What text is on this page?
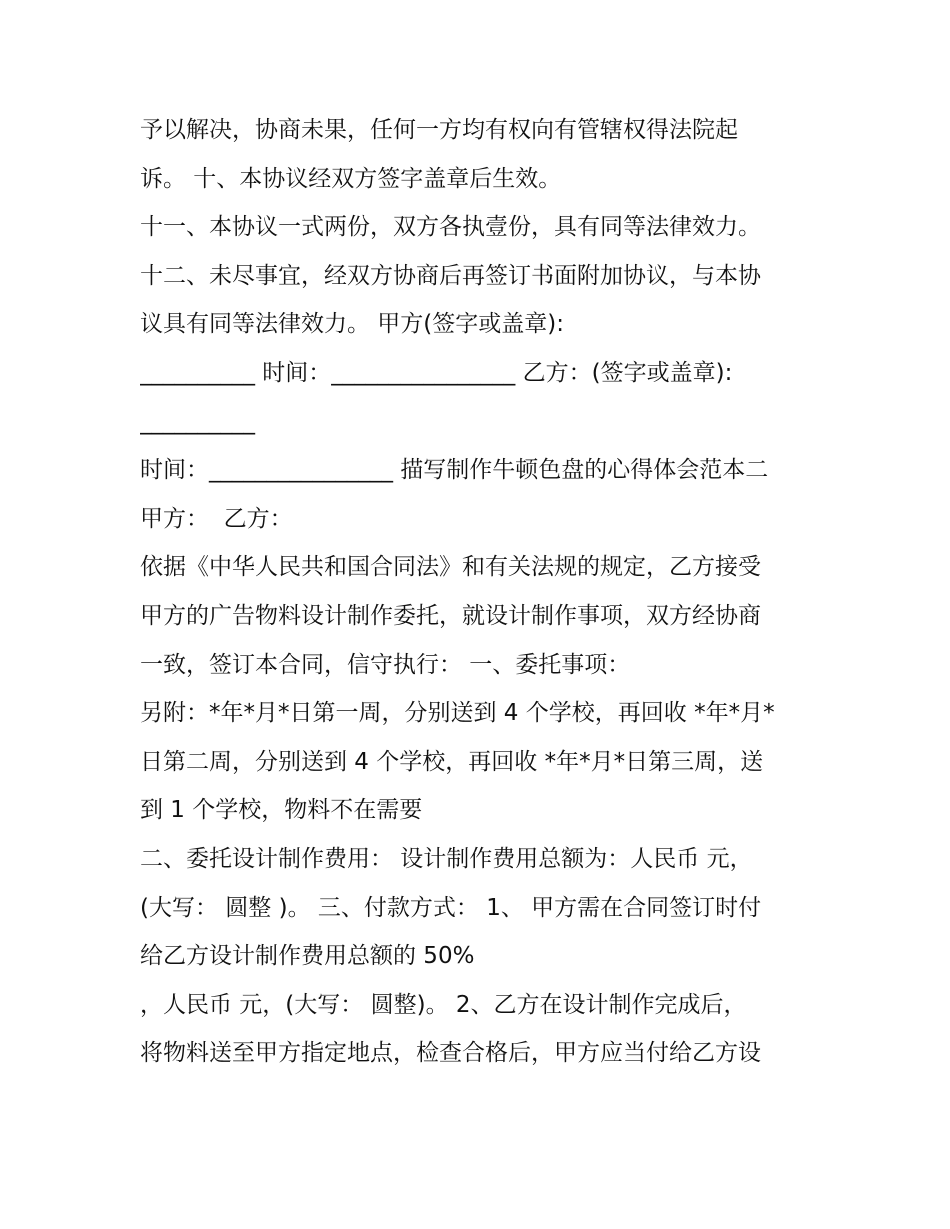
予以解决，协商未果，任何一方均有权向有管辖权得法院起
诉。 十、本协议经双方签字盖章后生效。
十一、本协议一式两份，双方各执壹份，具有同等法律效力。
十二、未尽事宜，经双方协商后再签订书面附加协议，与本协
议具有同等法律效力。 甲方(签字或盖章):
__________ 时间：________________ 乙方：(签字或盖章):
__________
时间：________________ 描写制作牛顿色盘的心得体会范本二
甲方：  乙方：
依据《中华人民共和国合同法》和有关法规的规定，乙方接受
甲方的广告物料设计制作委托，就设计制作事项，双方经协商
一致，签订本合同，信守执行： 一、委托事项：
另附：*年*月*日第一周，分别送到 4 个学校，再回收 *年*月*
日第二周，分别送到 4 个学校，再回收 *年*月*日第三周，送
到 1 个学校，物料不在需要
二、委托设计制作费用： 设计制作费用总额为：人民币 元，
(大写： 圆整 )。 三、付款方式： 1、 甲方需在合同签订时付
给乙方设计制作费用总额的 50%
，人民币 元，(大写： 圆整)。 2、乙方在设计制作完成后，
将物料送至甲方指定地点，检查合格后，甲方应当付给乙方设
